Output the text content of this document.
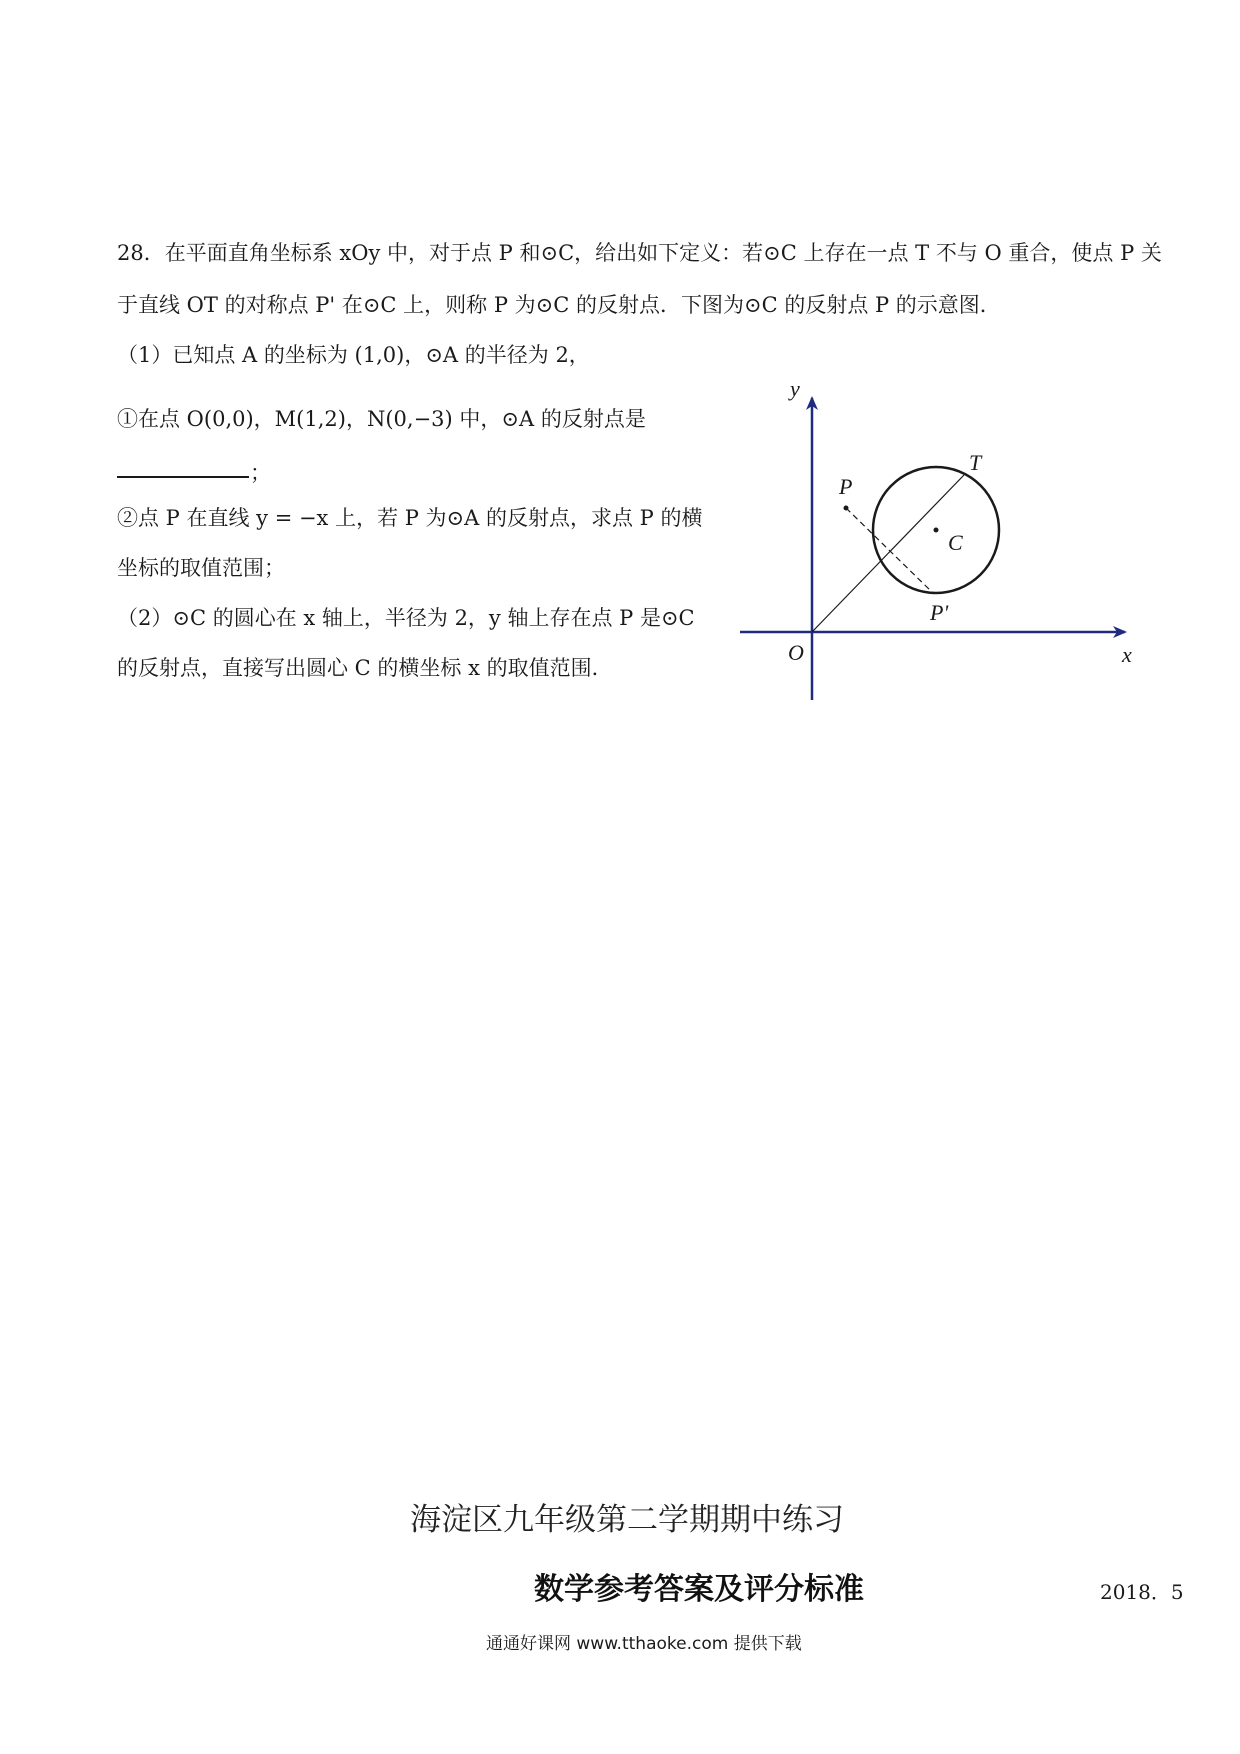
28．在平面直角坐标系 xOy 中，对于点 P 和⊙C，给出如下定义：若⊙C 上存在一点 T 不与 O 重合，使点 P 关
于直线 OT 的对称点 P' 在⊙C 上，则称 P 为⊙C 的反射点．下图为⊙C 的反射点 P 的示意图．
（1）已知点 A 的坐标为 (1,0)，⊙A 的半径为 2，
①在点 O(0,0)，M(1,2)，N(0,−3) 中，⊙A 的反射点是
；
②点 P 在直线 y = −x 上，若 P 为⊙A 的反射点，求点 P 的横
坐标的取值范围；
（2）⊙C 的圆心在 x 轴上，半径为 2，y 轴上存在点 P 是⊙C
的反射点，直接写出圆心 C 的横坐标 x 的取值范围．
y
x
O
P
T
C
P'
海淀区九年级第二学期期中练习
数学参考答案及评分标准	2018．5
通通好课网 www.tthaoke.com 提供下载
